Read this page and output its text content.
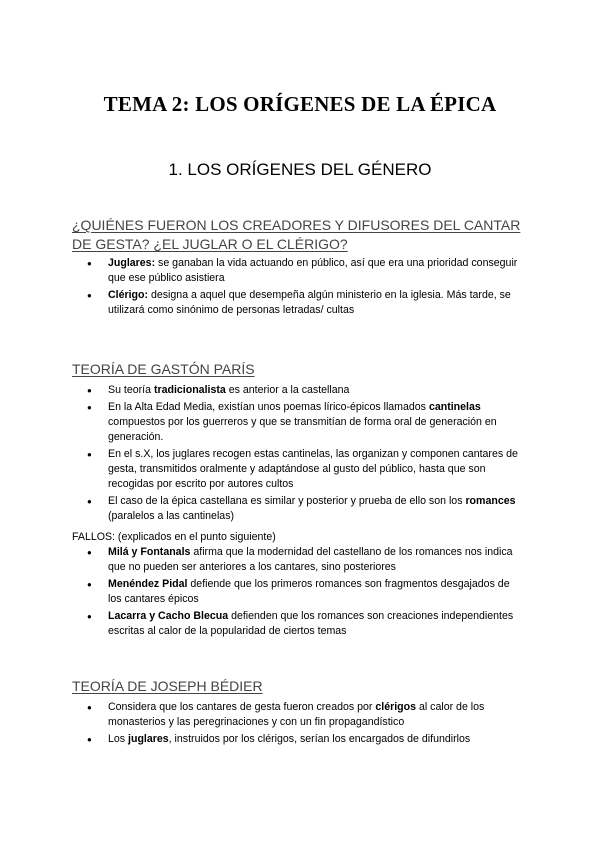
TEMA 2: LOS ORÍGENES DE LA ÉPICA
1. LOS ORÍGENES DEL GÉNERO
¿QUIÉNES FUERON LOS CREADORES Y DIFUSORES DEL CANTAR DE GESTA? ¿EL JUGLAR O EL CLÉRIGO?
● Juglares: se ganaban la vida actuando en público, así que era una prioridad conseguir que ese público asistiera
● Clérigo: designa a aquel que desempeña algún ministerio en la iglesia. Más tarde, se utilizará como sinónimo de personas letradas/ cultas
TEORÍA DE GASTÓN PARÍS
● Su teoría tradicionalista es anterior a la castellana
● En la Alta Edad Media, existían unos poemas lírico-épicos llamados cantinelas compuestos por los guerreros y que se transmitían de forma oral de generación en generación.
● En el s.X, los juglares recogen estas cantinelas, las organizan y componen cantares de gesta, transmitidos oralmente y adaptándose al gusto del público, hasta que son recogidas por escrito por autores cultos
● El caso de la épica castellana es similar y posterior y prueba de ello son los romances (paralelos a las cantinelas)
FALLOS: (explicados en el punto siguiente)
● Milá y Fontanals afirma que la modernidad del castellano de los romances nos indica que no pueden ser anteriores a los cantares, sino posteriores
● Menéndez Pidal defiende que los primeros romances son fragmentos desgajados de los cantares épicos
● Lacarra y Cacho Blecua defienden que los romances son creaciones independientes escritas al calor de la popularidad de ciertos temas
TEORÍA DE JOSEPH BÉDIER
● Considera que los cantares de gesta fueron creados por clérigos al calor de los monasterios y las peregrinaciones y con un fin propagandístico
● Los juglares, instruidos por los clérigos, serían los encargados de difundirlos
